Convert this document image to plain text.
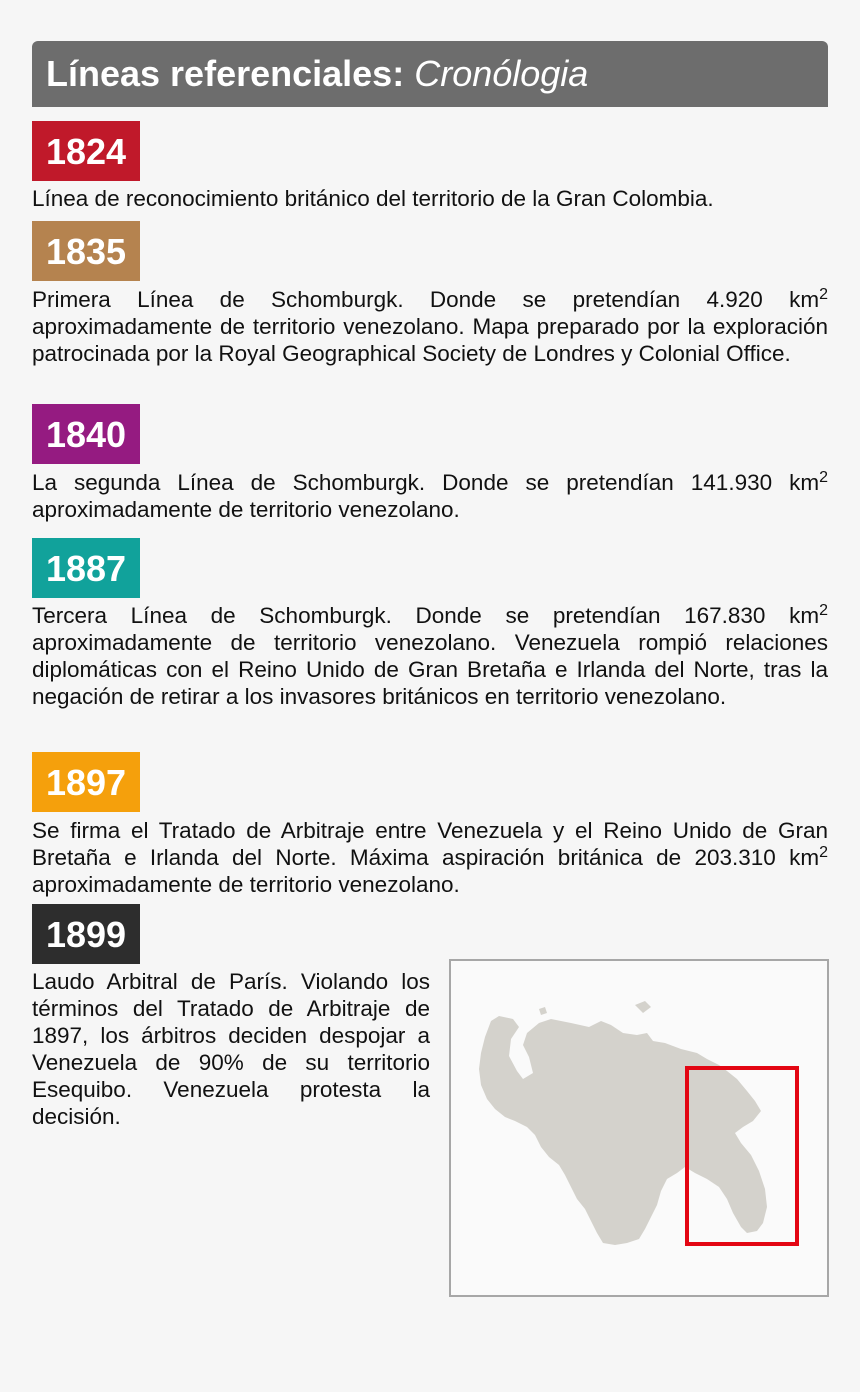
Líneas referenciales: Cronólogia
1824
Línea de reconocimiento británico del territorio de la Gran Colombia.
1835
Primera Línea de Schomburgk. Donde se pretendían 4.920 $km^2$ aproximadamente de territorio venezolano. Mapa preparado por la exploración patrocinada por la Royal Geographical Society de Londres y Colonial Office.
1840
La segunda Línea de Schomburgk. Donde se pretendían 141.930 $km^2$ aproximadamente de territorio venezolano.
1887
Tercera Línea de Schomburgk. Donde se pretendían 167.830 $km^2$ aproximadamente de territorio venezolano. Venezuela rompió relaciones diplomáticas con el Reino Unido de Gran Bretaña e Irlanda del Norte, tras la negación de retirar a los invasores británicos en territorio venezolano.
1897
Se firma el Tratado de Arbitraje entre Venezuela y el Reino Unido de Gran Bretaña e Irlanda del Norte. Máxima aspiración británica de 203.310 $km^2$ aproximadamente de territorio venezolano.
1899
Laudo Arbitral de París. Violando los términos del Tratado de Arbitraje de 1897, los árbitros deciden despojar a Venezuela de 90% de su territorio Esequibo. Venezuela protesta la decisión.
